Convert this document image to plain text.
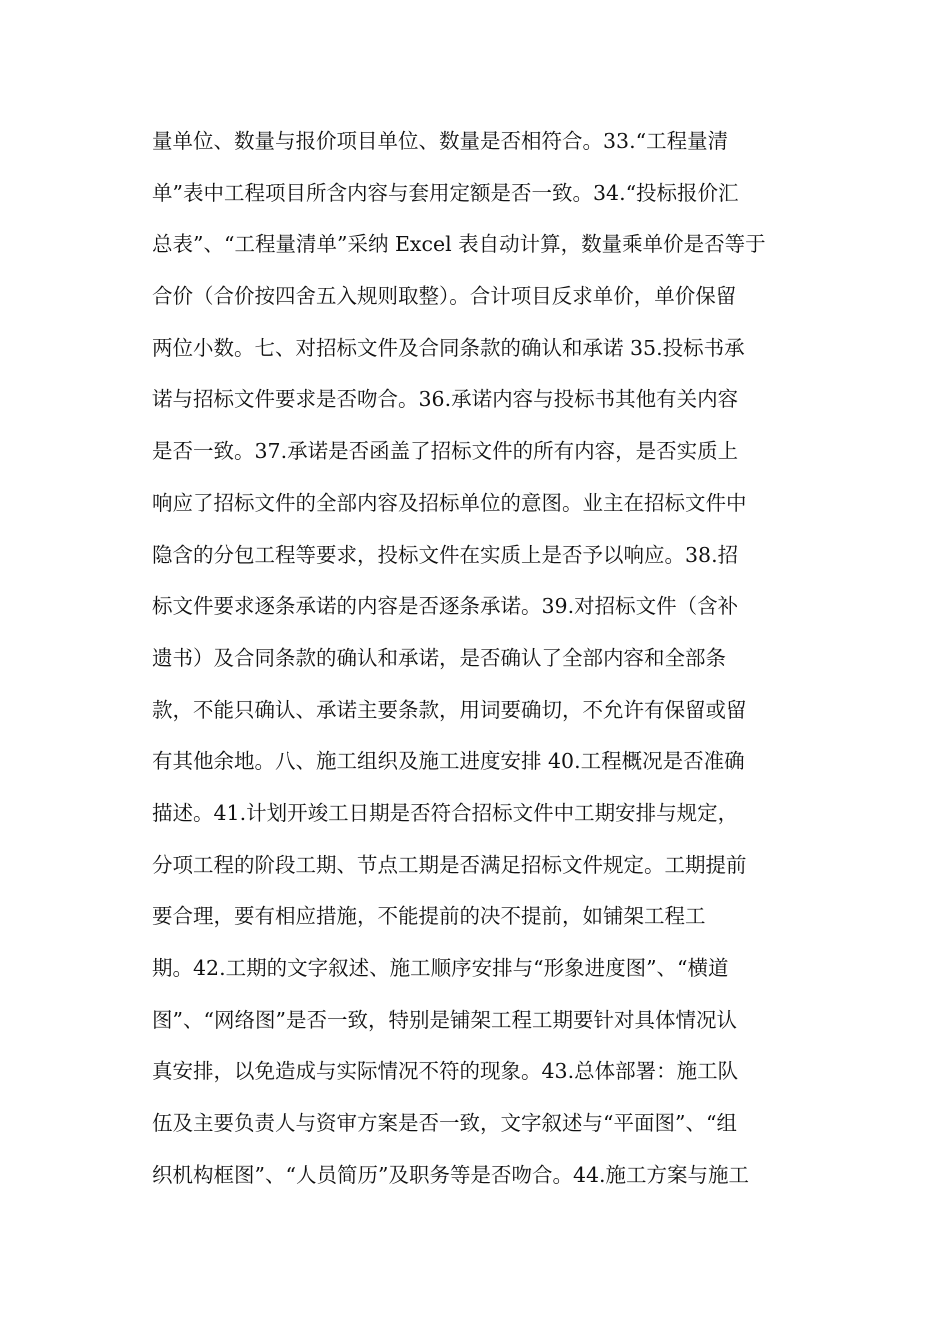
量单位、数量与报价项目单位、数量是否相符合。33.“工程量清
单”表中工程项目所含内容与套用定额是否一致。34.“投标报价汇
总表”、“工程量清单”采纳 Excel 表自动计算，数量乘单价是否等于
合价（合价按四舍五入规则取整）。合计项目反求单价，单价保留
两位小数。七、对招标文件及合同条款的确认和承诺 35.投标书承
诺与招标文件要求是否吻合。36.承诺内容与投标书其他有关内容
是否一致。37.承诺是否函盖了招标文件的所有内容，是否实质上
响应了招标文件的全部内容及招标单位的意图。业主在招标文件中
隐含的分包工程等要求，投标文件在实质上是否予以响应。38.招
标文件要求逐条承诺的内容是否逐条承诺。39.对招标文件（含补
遗书）及合同条款的确认和承诺，是否确认了全部内容和全部条
款，不能只确认、承诺主要条款，用词要确切，不允许有保留或留
有其他余地。八、施工组织及施工进度安排 40.工程概况是否准确
描述。41.计划开竣工日期是否符合招标文件中工期安排与规定，
分项工程的阶段工期、节点工期是否满足招标文件规定。工期提前
要合理，要有相应措施，不能提前的决不提前，如铺架工程工
期。42.工期的文字叙述、施工顺序安排与“形象进度图”、“横道
图”、“网络图”是否一致，特别是铺架工程工期要针对具体情况认
真安排，以免造成与实际情况不符的现象。43.总体部署：施工队
伍及主要负责人与资审方案是否一致，文字叙述与“平面图”、“组
织机构框图”、“人员简历”及职务等是否吻合。44.施工方案与施工
